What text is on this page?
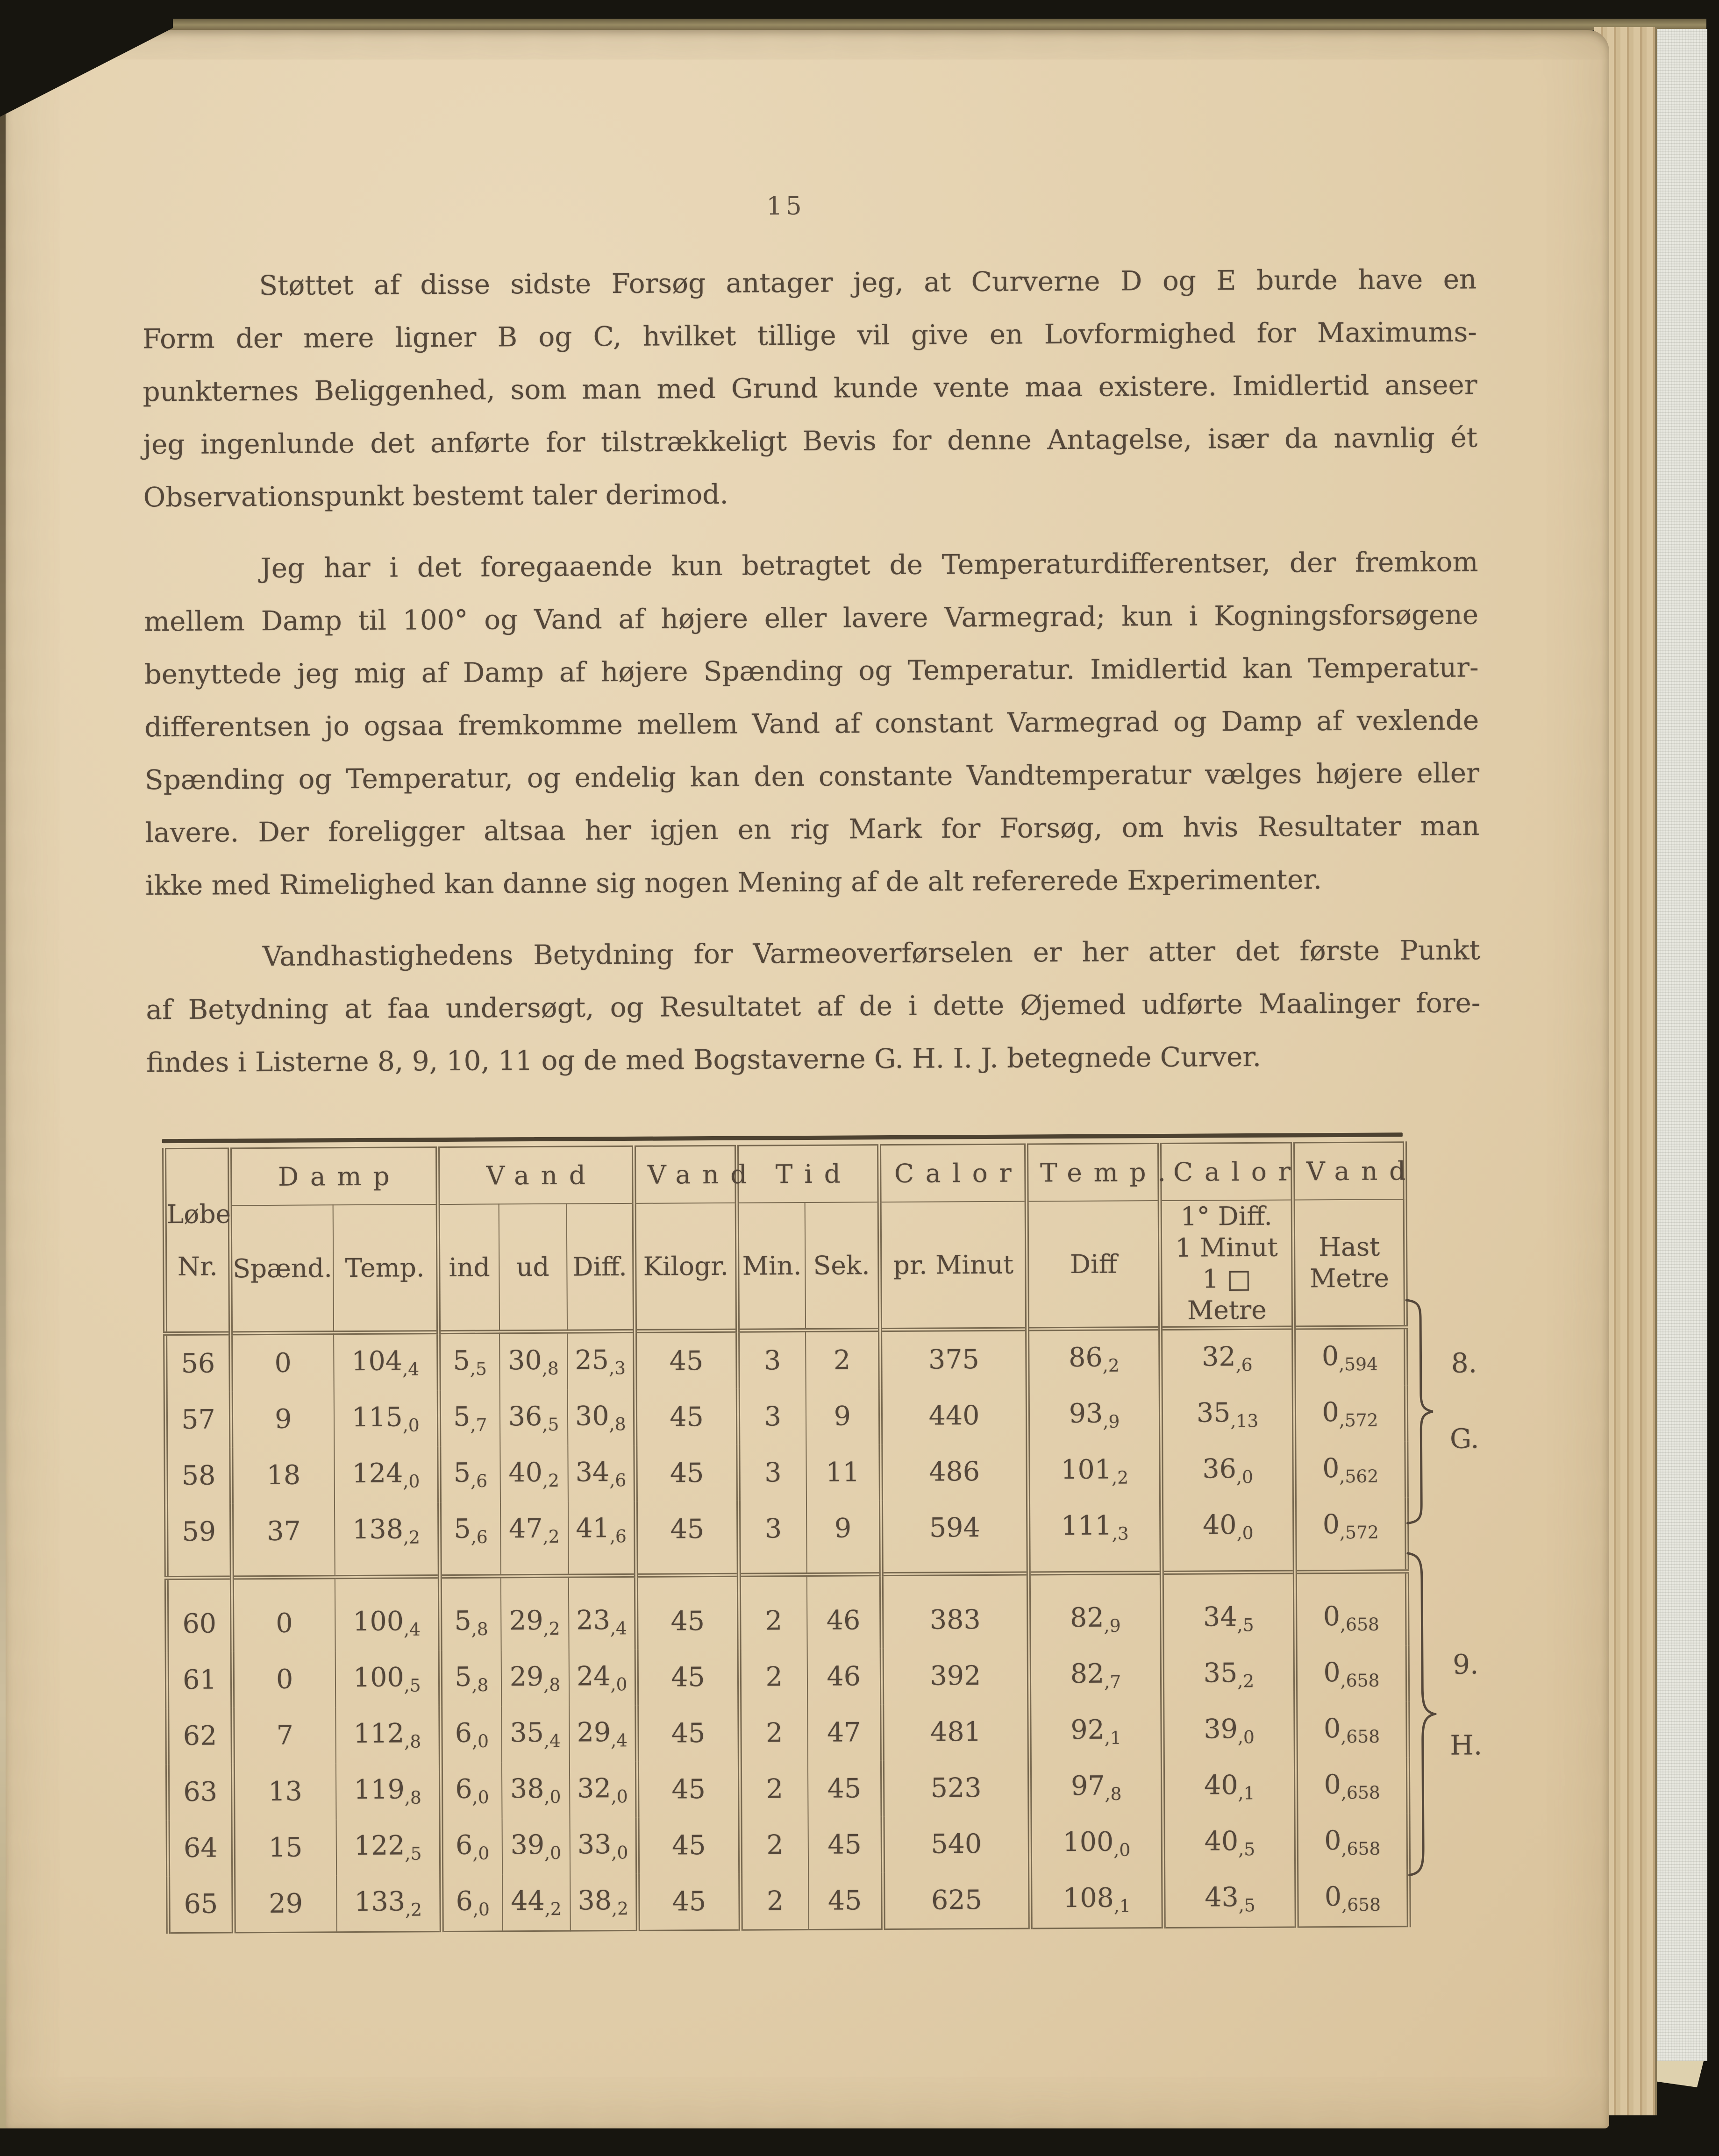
15
Støttet af disse sidste Forsøg antager jeg, at Curverne D og E burde have en
Form der mere ligner B og C, hvilket tillige vil give en Lovformighed for Maximums-
punkternes Beliggenhed, som man med Grund kunde vente maa existere. Imidlertid anseer
jeg ingenlunde det anførte for tilstrækkeligt Bevis for denne Antagelse, især da navnlig ét
Observationspunkt bestemt taler derimod.
Jeg har i det foregaaende kun betragtet de Temperaturdifferentser, der fremkom
mellem Damp til 100° og Vand af højere eller lavere Varmegrad; kun i Kogningsforsøgene
benyttede jeg mig af Damp af højere Spænding og Temperatur. Imidlertid kan Temperatur-
differentsen jo ogsaa fremkomme mellem Vand af constant Varmegrad og Damp af vexlende
Spænding og Temperatur, og endelig kan den constante Vandtemperatur vælges højere eller
lavere. Der foreligger altsaa her igjen en rig Mark for Forsøg, om hvis Resultater man
ikke med Rimelighed kan danne sig nogen Mening af de alt refererede Experimenter.
Vandhastighedens Betydning for Varmeoverførselen er her atter det første Punkt
af Betydning at faa undersøgt, og Resultatet af de i dette Øjemed udførte Maalinger fore-
findes i Listerne 8, 9, 10, 11 og de med Bogstaverne G. H. I. J. betegnede Curver.
Løbe
Nr.	Damp		Vand			Vand	Tid		Calor	Temp.	Calor	Vand

Spænd.	Temp.	ind	ud	Diff.	Kilogr.	Min.	Sek.	pr. Minut	Diff

1° Diff.
1 Minut
1 □ Metre

Hast
Metre

56	0	104,4	5,5	30,8	25,3	45	3	2	375	86,2	32,6	0,594
57	9	115,0	5,7	36,5	30,8	45	3	9	440	93,9	35,13	0,572
58	18	124,0	5,6	40,2	34,6	45	3	11	486	101,2	36,0	0,562
59	37	138,2	5,6	47,2	41,6	45	3	9	594	111,3	40,0	0,572
60	0	100,4	5,8	29,2	23,4	45	2	46	383	82,9	34,5	0,658
61	0	100,5	5,8	29,8	24,0	45	2	46	392	82,7	35,2	0,658
62	7	112,8	6,0	35,4	29,4	45	2	47	481	92,1	39,0	0,658
63	13	119,8	6,0	38,0	32,0	45	2	45	523	97,8	40,1	0,658
64	15	122,5	6,0	39,0	33,0	45	2	45	540	100,0	40,5	0,658
65	29	133,2	6,0	44,2	38,2	45	2	45	625	108,1	43,5	0,658
8.
G.
9.
H.
